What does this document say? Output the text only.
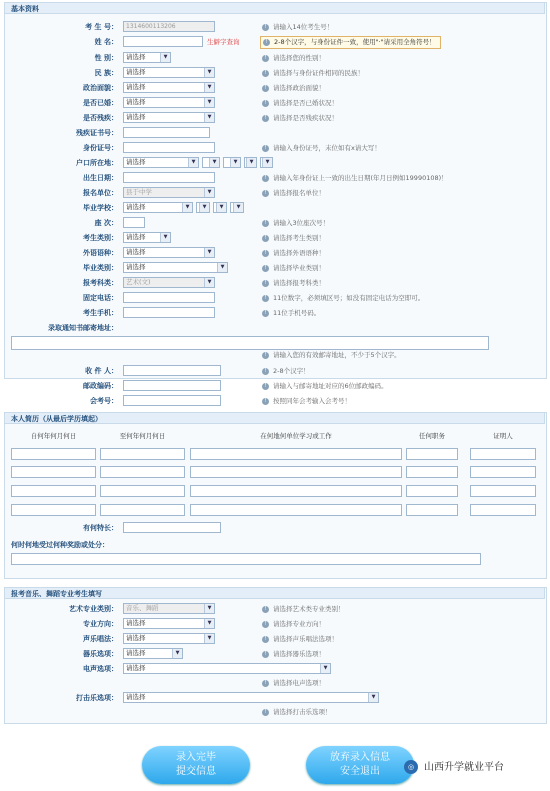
基本资料
考 生 号：	1314600113206	! 请输入14位考生号！
姓 名：	生僻字查询	! 2-8个汉字，与身份证件一致，使用"·"请采用全角符号！
性 别：	请选择	▼	! 请选择您的性别！
民 族：	请选择	▼	! 请选择与身份证件相同的民族！
政治面貌：	请选择	▼	! 请选择政治面貌！
是否已婚：	请选择	▼	! 请选择是否已婚状况！
是否残疾：	请选择	▼	! 请选择是否残疾状况！
残疾证书号：
身份证号：	! 请输入身份证号，末位如有x请大写！
户口所在地：	请选择	▼	▼	▼	▼	▼
出生日期：	! 请输入年身份证上一致的出生日期(年月日例如19990108)！
报名单位：	县于中学	▼	! 请选择报名单位！
毕业学校：	请选择	▼	▼	▼	▼
座 次：	! 请输入3位座次号！
考生类别：	请选择	▼	! 请选择考生类别！
外语语种：	请选择	▼	! 请选择外语语种！
毕业类别：	请选择	▼	! 请选择毕业类别！
报考科类：	艺术(文)	▼	! 请选择报考科类！
固定电话：	! 11位数字，必须填区号；如没有固定电话为空即可。
考生手机：	! 11位手机号码。
录取通知书邮寄地址：
! 请输入您的有效邮寄地址，不少于5个汉字。
收 件 人：	! 2-8个汉字！
邮政编码：	! 请输入与邮寄地址对应的6位邮政编码。
会考号：	! 按照同年会考输入会考号！
本人简历（从最后学历填起）
自何年何月何日	至何年何月何日	在何地何单位学习或工作	任何职务	证明人
有何特长：
何时何地受过何种奖励或处分：
报考音乐、舞蹈专业考生填写
艺术专业类别：	音乐、舞蹈	▼	! 请选择艺术类专业类别！
专业方向：	请选择	▼	! 请选择专业方向！
声乐唱法：	请选择	▼	! 请选择声乐唱法选项！
器乐选项：	请选择	▼	! 请选择器乐选项！
电声选项：	请选择	▼
! 请选择电声选项！
打击乐选项：	请选择	▼
! 请选择打击乐选项！
录入完毕
提交信息
放弃录入信息
安全退出	◎ 山西升学就业平台
